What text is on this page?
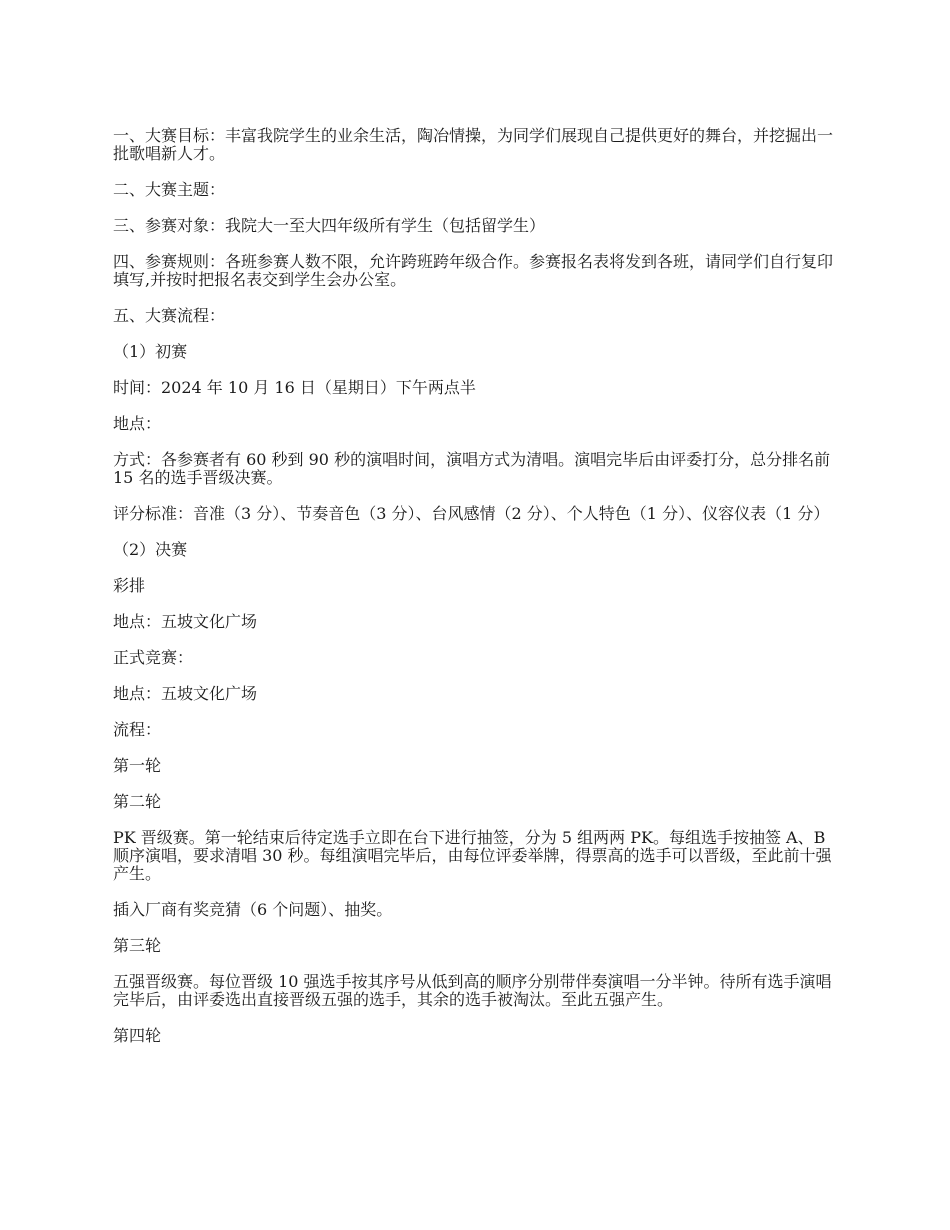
一、大赛目标：丰富我院学生的业余生活，陶冶情操，为同学们展现自己提供更好的舞台，并挖掘出一批歌唱新人才。

二、大赛主题：

三、参赛对象：我院大一至大四年级所有学生（包括留学生）

四、参赛规则：各班参赛人数不限，允许跨班跨年级合作。参赛报名表将发到各班，请同学们自行复印填写,并按时把报名表交到学生会办公室。

五、大赛流程：

（1）初赛

时间：2024 年 10 月 16 日（星期日）下午两点半

地点：

方式：各参赛者有 60 秒到 90 秒的演唱时间，演唱方式为清唱。演唱完毕后由评委打分，总分排名前 15 名的选手晋级决赛。

评分标准：音准（3 分）、节奏音色（3 分）、台风感情（2 分）、个人特色（1 分）、仪容仪表（1 分）

（2）决赛

彩排

地点：五坡文化广场

正式竞赛：

地点：五坡文化广场

流程：

第一轮

第二轮

PK 晋级赛。第一轮结束后待定选手立即在台下进行抽签，分为 5 组两两 PK。每组选手按抽签 A、B 顺序演唱，要求清唱 30 秒。每组演唱完毕后，由每位评委举牌，得票高的选手可以晋级，至此前十强产生。

插入厂商有奖竞猜（6 个问题）、抽奖。

第三轮

五强晋级赛。每位晋级 10 强选手按其序号从低到高的顺序分别带伴奏演唱一分半钟。待所有选手演唱完毕后，由评委选出直接晋级五强的选手，其余的选手被淘汰。至此五强产生。

第四轮
